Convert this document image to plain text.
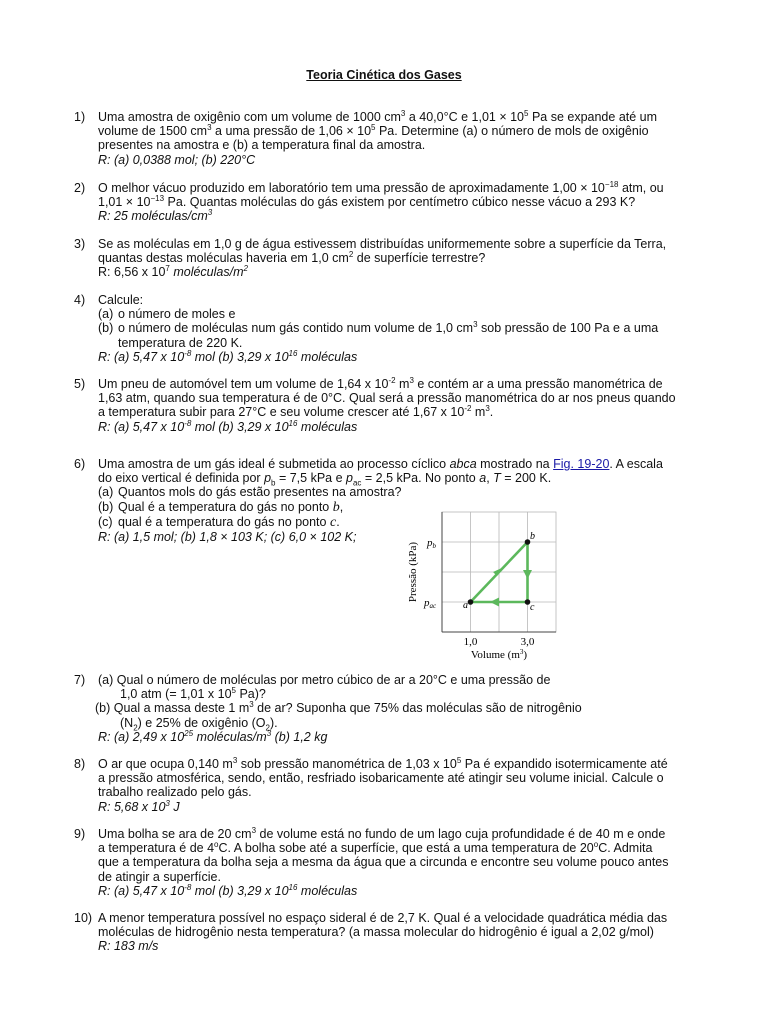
Teoria Cinética dos Gases
1)	Uma amostra de oxigênio com um volume de 1000 $cm^3$ a 40,0°C e $1,01 \times 10^5$ Pa se expande até um
volume de 1500 $cm^3$ a uma pressão de $1,06 \times 10^5$ Pa. Determine (a) o número de mols de oxigênio
presentes na amostra e (b) a temperatura final da amostra.
R: (a) 0,0388 mol; (b) 220°C
2)	O melhor vácuo produzido em laboratório tem uma pressão de aproximadamente $1,00 \times 10^{-18}$ atm, ou
$1,01 \times 10^{-13}$ Pa. Quantas moléculas do gás existem por centímetro cúbico nesse vácuo a 293 K?
R: 25 moléculas/$cm^3$
3)	Se as moléculas em 1,0 g de água estivessem distribuídas uniformemente sobre a superfície da Terra,
quantas destas moléculas haveria em 1,0 $cm^2$ de superfície terrestre?
R: 6,56 x $10^7$ moléculas/$m^2$
4)	Calcule:
(a) o número de moles e
(b) o número de moléculas num gás contido num volume de 1,0 $cm^3$ sob pressão de 100 Pa e a uma
temperatura de 220 K.
R: (a) 5,47 x $10^{-8}$ mol (b) 3,29 x $10^{16}$ moléculas
5)	Um pneu de automóvel tem um volume de 1,64 x $10^{-2}$ $m^3$ e contém ar a uma pressão manométrica de
1,63 atm, quando sua temperatura é de 0°C. Qual será a pressão manométrica do ar nos pneus quando
a temperatura subir para 27°C e seu volume crescer até 1,67 x $10^{-2}$ $m^3$.
R: (a) 5,47 x $10^{-8}$ mol (b) 3,29 x $10^{16}$ moléculas
6)	Uma amostra de um gás ideal é submetida ao processo cíclico abca mostrado na Fig. 19-20. A escala
do eixo vertical é definida por $p_b = 7,5$ kPa e $p_{ac} = 2,5$ kPa. No ponto a, T = 200 K.
(a) Quantos mols do gás estão presentes na amostra?
(b) Qual é a temperatura do gás no ponto b,
(c) qual é a temperatura do gás no ponto c.
R: (a) 1,5 mol; (b) 1,8 × 103 K; (c) 6,0 × 102 K;
a
b
c
pb
pac
1,0	3,0
Pressão (kPa)
Volume $(m^3)$
7)	(a) Qual o número de moléculas por metro cúbico de ar a 20°C e uma pressão de
1,0 atm (= 1,01 x $10^5$ Pa)?
(b) Qual a massa deste 1 $m^3$ de ar? Suponha que 75% das moléculas são de nitrogênio
$(N_2)$ e 25% de oxigênio $(O_2)$.
R: (a) 2,49 x $10^{25}$ moléculas/$m^3$ (b) 1,2 kg
8)	O ar que ocupa 0,140 $m^3$ sob pressão manométrica de 1,03 x $10^5$ Pa é expandido isotermicamente até
a pressão atmosférica, sendo, então, resfriado isobaricamente até atingir seu volume inicial. Calcule o
trabalho realizado pelo gás.
R: 5,68 x $10^3$ J
9)	Uma bolha se ara de 20 $cm^3$ de volume está no fundo de um lago cuja profundidade é de 40 m e onde
a temperatura é de 4$^o$C. A bolha sobe até a superfície, que está a uma temperatura de 20$^o$C. Admita
que a temperatura da bolha seja a mesma da água que a circunda e encontre seu volume pouco antes
de atingir a superfície.
R: (a) 5,47 x $10^{-8}$ mol (b) 3,29 x $10^{16}$ moléculas
10) A menor temperatura possível no espaço sideral é de 2,7 K. Qual é a velocidade quadrática média das
moléculas de hidrogênio nesta temperatura? (a massa molecular do hidrogênio é igual a 2,02 g/mol)
R: 183 m/s
